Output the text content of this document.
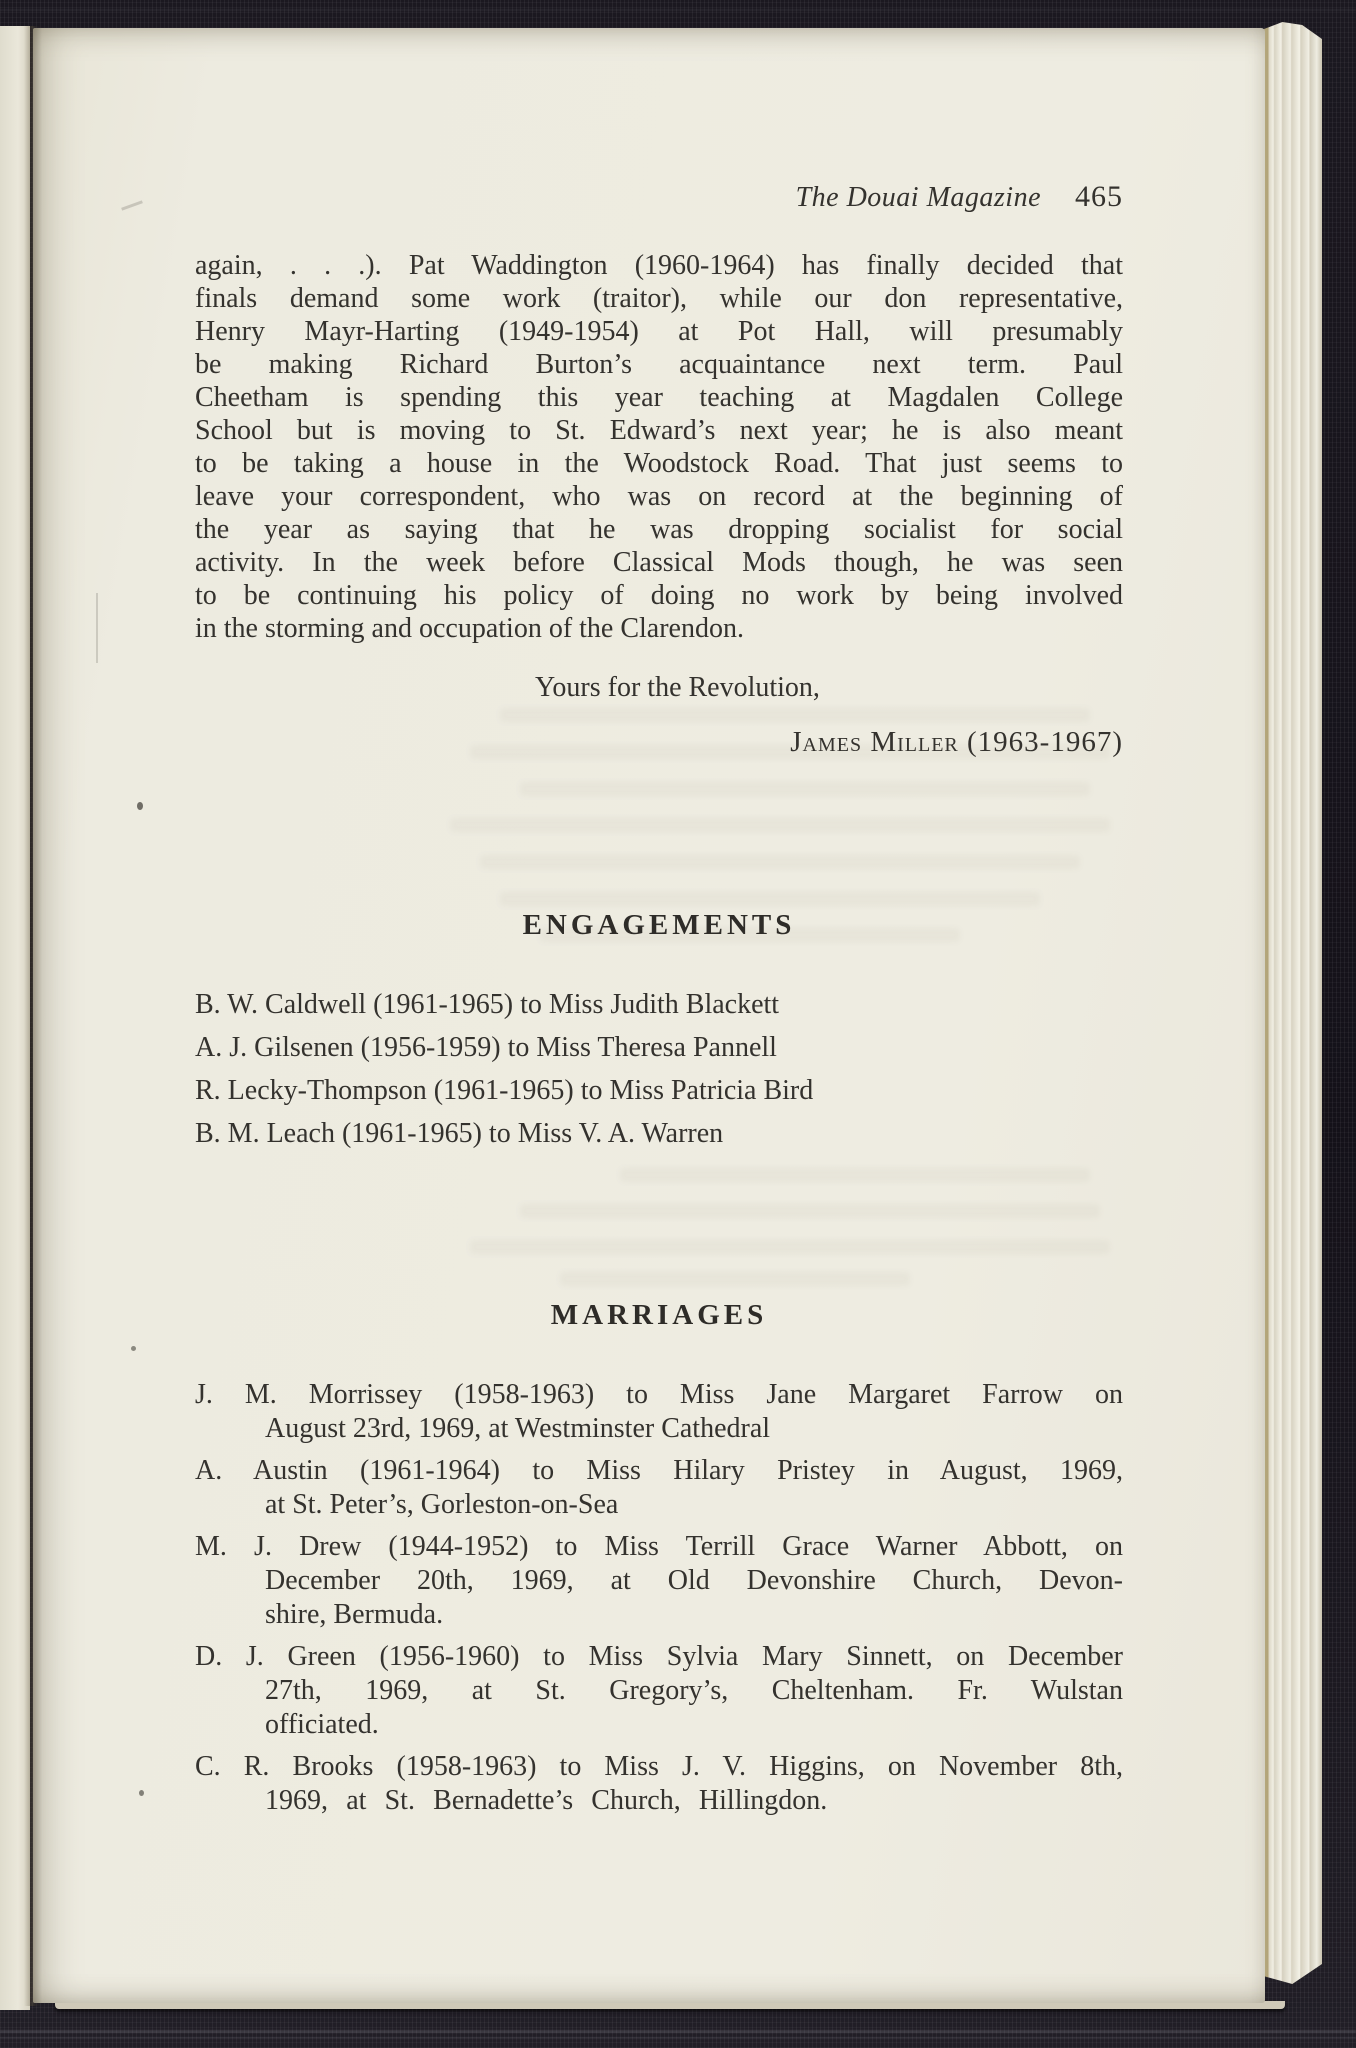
The Douai Magazine 465
again, . . .). Pat Waddington (1960-1964) has finally decided that
finals demand some work (traitor), while our don representative,
Henry Mayr-Harting (1949-1954) at Pot Hall, will presumably
be making Richard Burton’s acquaintance next term. Paul
Cheetham is spending this year teaching at Magdalen College
School but is moving to St. Edward’s next year; he is also meant
to be taking a house in the Woodstock Road. That just seems to
leave your correspondent, who was on record at the beginning of
the year as saying that he was dropping socialist for social
activity. In the week before Classical Mods though, he was seen
to be continuing his policy of doing no work by being involved
in the storming and occupation of the Clarendon.
Yours for the Revolution,
James Miller (1963-1967)
ENGAGEMENTS
B. W. Caldwell (1961-1965) to Miss Judith Blackett
A. J. Gilsenen (1956-1959) to Miss Theresa Pannell
R. Lecky-Thompson (1961-1965) to Miss Patricia Bird
B. M. Leach (1961-1965) to Miss V. A. Warren
MARRIAGES
J. M. Morrissey (1958-1963) to Miss Jane Margaret Farrow on
August 23rd, 1969, at Westminster Cathedral
A. Austin (1961-1964) to Miss Hilary Pristey in August, 1969,
at St. Peter’s, Gorleston-on-Sea
M. J. Drew (1944-1952) to Miss Terrill Grace Warner Abbott, on
December 20th, 1969, at Old Devonshire Church, Devon-
shire, Bermuda.
D. J. Green (1956-1960) to Miss Sylvia Mary Sinnett, on December
27th, 1969, at St. Gregory’s, Cheltenham. Fr. Wulstan
officiated.
C. R. Brooks (1958-1963) to Miss J. V. Higgins, on November 8th,
1969, at St. Bernadette’s Church, Hillingdon.
